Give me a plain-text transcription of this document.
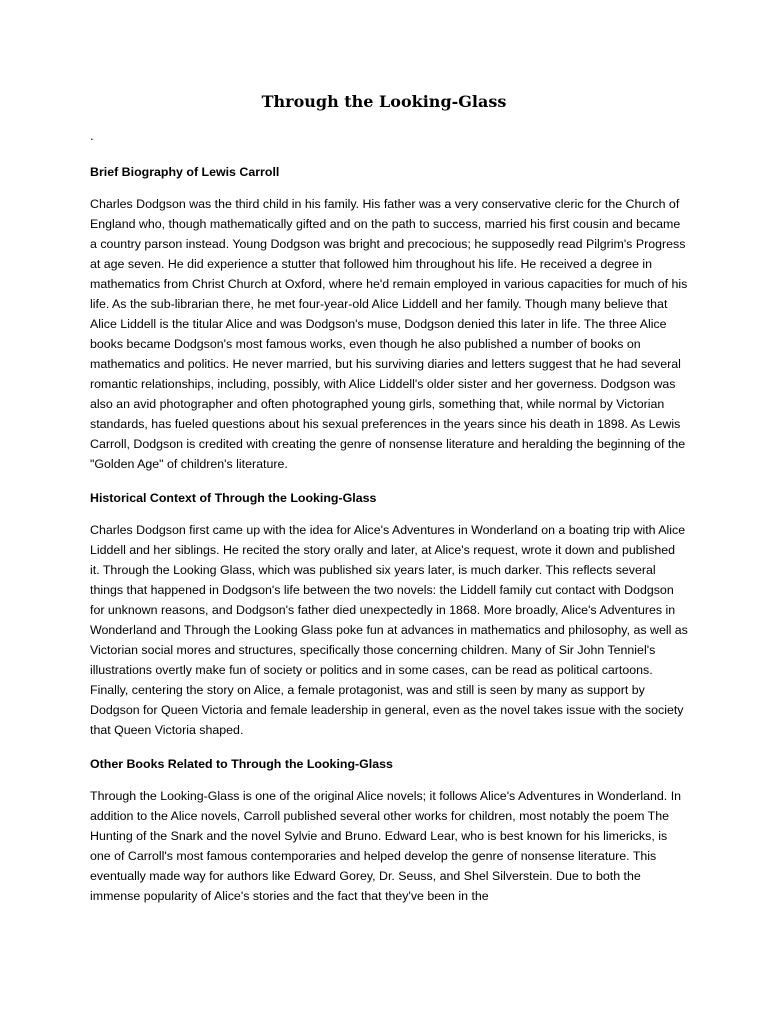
Through the Looking-Glass
.
Brief Biography of Lewis Carroll

Charles Dodgson was the third child in his family. His father was a very conservative cleric for the Church of England who, though mathematically gifted and on the path to success, married his first cousin and became a country parson instead. Young Dodgson was bright and precocious; he supposedly read Pilgrim's Progress at age seven. He did experience a stutter that followed him throughout his life. He received a degree in mathematics from Christ Church at Oxford, where he'd remain employed in various capacities for much of his life. As the sub-librarian there, he met four-year-old Alice Liddell and her family. Though many believe that Alice Liddell is the titular Alice and was Dodgson's muse, Dodgson denied this later in life. The three Alice books became Dodgson's most famous works, even though he also published a number of books on mathematics and politics. He never married, but his surviving diaries and letters suggest that he had several romantic relationships, including, possibly, with Alice Liddell's older sister and her governess. Dodgson was also an avid photographer and often photographed young girls, something that, while normal by Victorian standards, has fueled questions about his sexual preferences in the years since his death in 1898. As Lewis Carroll, Dodgson is credited with creating the genre of nonsense literature and heralding the beginning of the "Golden Age" of children's literature.

Historical Context of Through the Looking-Glass

Charles Dodgson first came up with the idea for Alice's Adventures in Wonderland on a boating trip with Alice Liddell and her siblings. He recited the story orally and later, at Alice's request, wrote it down and published it. Through the Looking Glass, which was published six years later, is much darker. This reflects several things that happened in Dodgson's life between the two novels: the Liddell family cut contact with Dodgson for unknown reasons, and Dodgson's father died unexpectedly in 1868. More broadly, Alice's Adventures in Wonderland and Through the Looking Glass poke fun at advances in mathematics and philosophy, as well as Victorian social mores and structures, specifically those concerning children. Many of Sir John Tenniel's illustrations overtly make fun of society or politics and in some cases, can be read as political cartoons. Finally, centering the story on Alice, a female protagonist, was and still is seen by many as support by Dodgson for Queen Victoria and female leadership in general, even as the novel takes issue with the society that Queen Victoria shaped.

Other Books Related to Through the Looking-Glass

Through the Looking-Glass is one of the original Alice novels; it follows Alice's Adventures in Wonderland. In addition to the Alice novels, Carroll published several other works for children, most notably the poem The Hunting of the Snark and the novel Sylvie and Bruno. Edward Lear, who is best known for his limericks, is one of Carroll's most famous contemporaries and helped develop the genre of nonsense literature. This eventually made way for authors like Edward Gorey, Dr. Seuss, and Shel Silverstein. Due to both the immense popularity of Alice's stories and the fact that they've been in the
